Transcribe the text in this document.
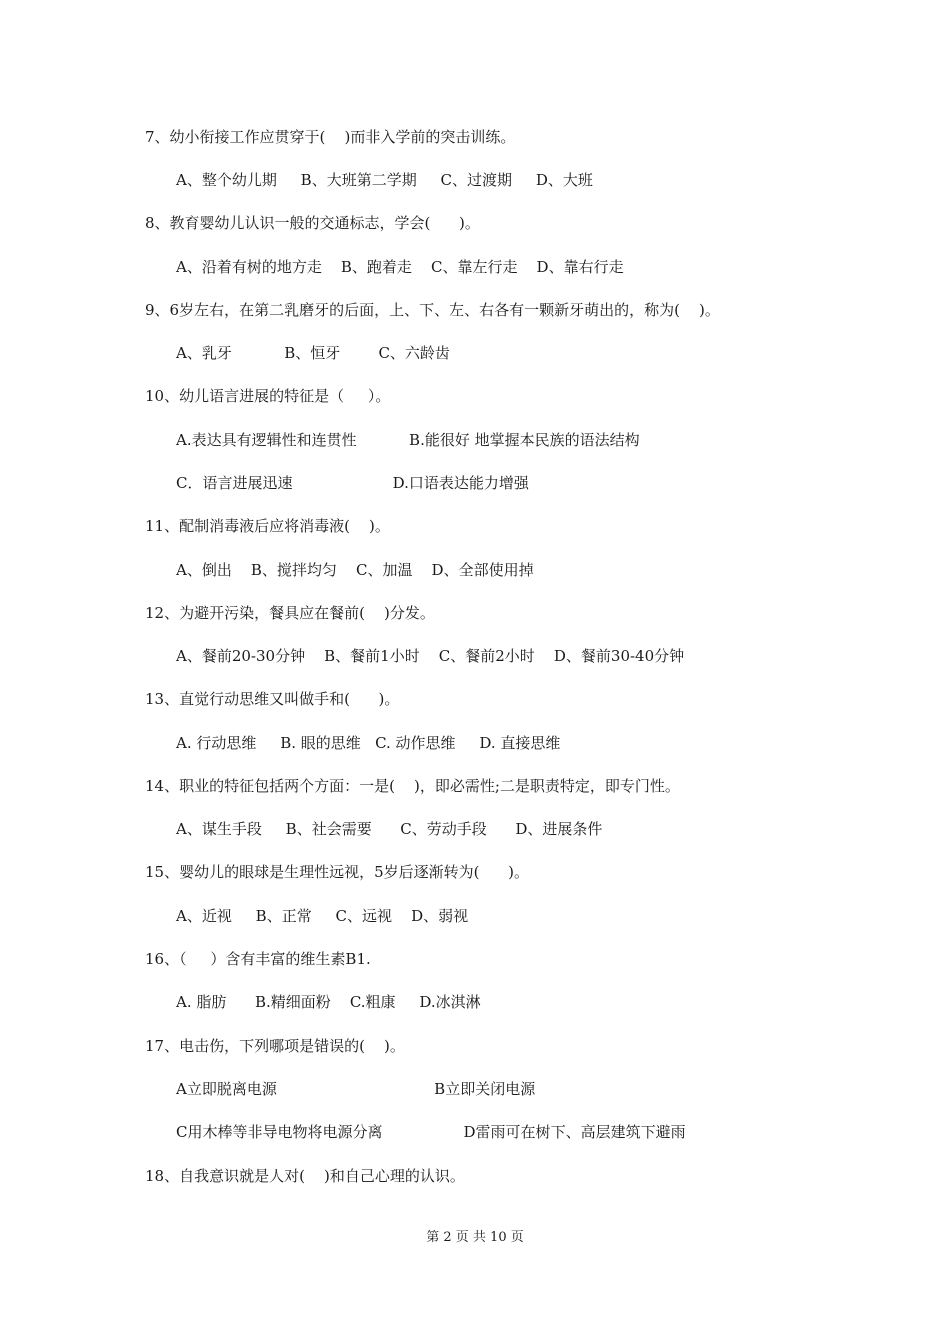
7、幼小衔接工作应贯穿于(    )而非入学前的突击训练。
A、整个幼儿期     B、大班第二学期     C、过渡期     D、大班
8、教育婴幼儿认识一般的交通标志，学会(      )。
A、沿着有树的地方走    B、跑着走    C、靠左行走    D、靠右行走
9、6岁左右，在第二乳磨牙的后面，上、下、左、右各有一颗新牙萌出的，称为(    )。
A、乳牙           B、恒牙        C、六龄齿
10、幼儿语言进展的特征是（     ）。
A.表达具有逻辑性和连贯性           B.能很好 地掌握本民族的语法结构
C．语言进展迅速                     D.口语表达能力增强
11、配制消毒液后应将消毒液(    )。
A、倒出    B、搅拌均匀    C、加温    D、全部使用掉
12、为避开污染，餐具应在餐前(    )分发。
A、餐前20-30分钟    B、餐前1小时    C、餐前2小时    D、餐前30-40分钟
13、直觉行动思维又叫做手和(      )。
A. 行动思维     B. 眼的思维   C. 动作思维     D. 直接思维
14、职业的特征包括两个方面：一是(    )，即必需性;二是职责特定，即专门性。
A、谋生手段     B、社会需要      C、劳动手段      D、进展条件
15、婴幼儿的眼球是生理性远视，5岁后逐渐转为(      )。
A、近视     B、正常     C、远视    D、弱视
16、（     ）含有丰富的维生素B1.
A. 脂肪      B.精细面粉    C.粗康     D.冰淇淋
17、电击伤，下列哪项是错误的(    )。
A立即脱离电源                                 B立即关闭电源
C用木棒等非导电物将电源分离                 D雷雨可在树下、高层建筑下避雨
18、自我意识就是人对(    )和自己心理的认识。
第 2 页 共 10 页
